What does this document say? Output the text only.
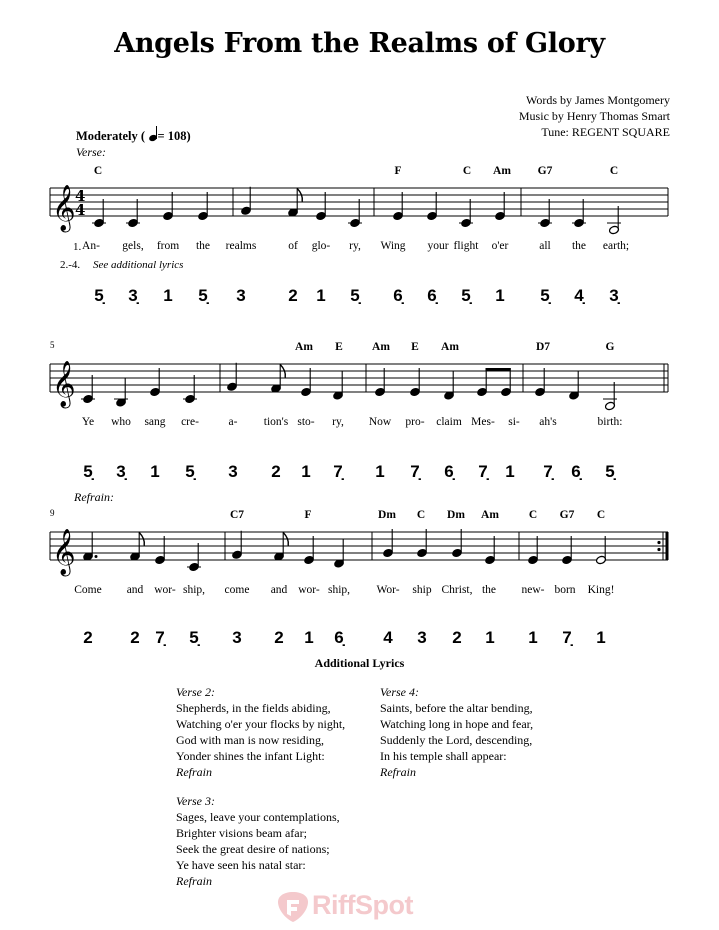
Angels From the Realms of Glory
Words by James Montgomery
Music by Henry Thomas Smart
Tune: REGENT SQUARE
Moderately ( = 108)
Verse:
Refrain:
5
9
𝄞 4
4
C	F	C Am G7	C
An- gels, from the realms	of glo- ry, Wing your flight o'er	all the earth;
5̣ 3̣ 1 5̣ 3	2 1 5̣ 6̣ 6̣ 5̣ 1 5̣ 4̣ 3̣
𝄞
Am E	Am E Am	D7	G
Ye who sang cre-	a- tion's sto- ry, Now pro- claim Mes- si- ah's	birth:
5̣ 3̣ 1 5̣ 3 2 1 7̣ 1 7̣ 6̣ 7̣ 1 7̣ 6̣ 5̣
𝄞
C7	F	Dm C Dm Am	C G7 C
Come and wor- ship, come and wor- ship, Wor- ship Christ, the new- born King!
2 2 7̣ 5̣ 3 2 1 6̣ 4 3 2 1 1 7̣ 1
1.
2.-4. See additional lyrics
Additional Lyrics
Verse 2:
Shepherds, in the fields abiding,
Watching o'er your flocks by night,
God with man is now residing,
Yonder shines the infant Light:
Refrain
Verse 3:
Sages, leave your contemplations,
Brighter visions beam afar;
Seek the great desire of nations;
Ye have seen his natal star:
Refrain
Verse 4:
Saints, before the altar bending,
Watching long in hope and fear,
Suddenly the Lord, descending,
In his temple shall appear:
Refrain
RiffSpot
